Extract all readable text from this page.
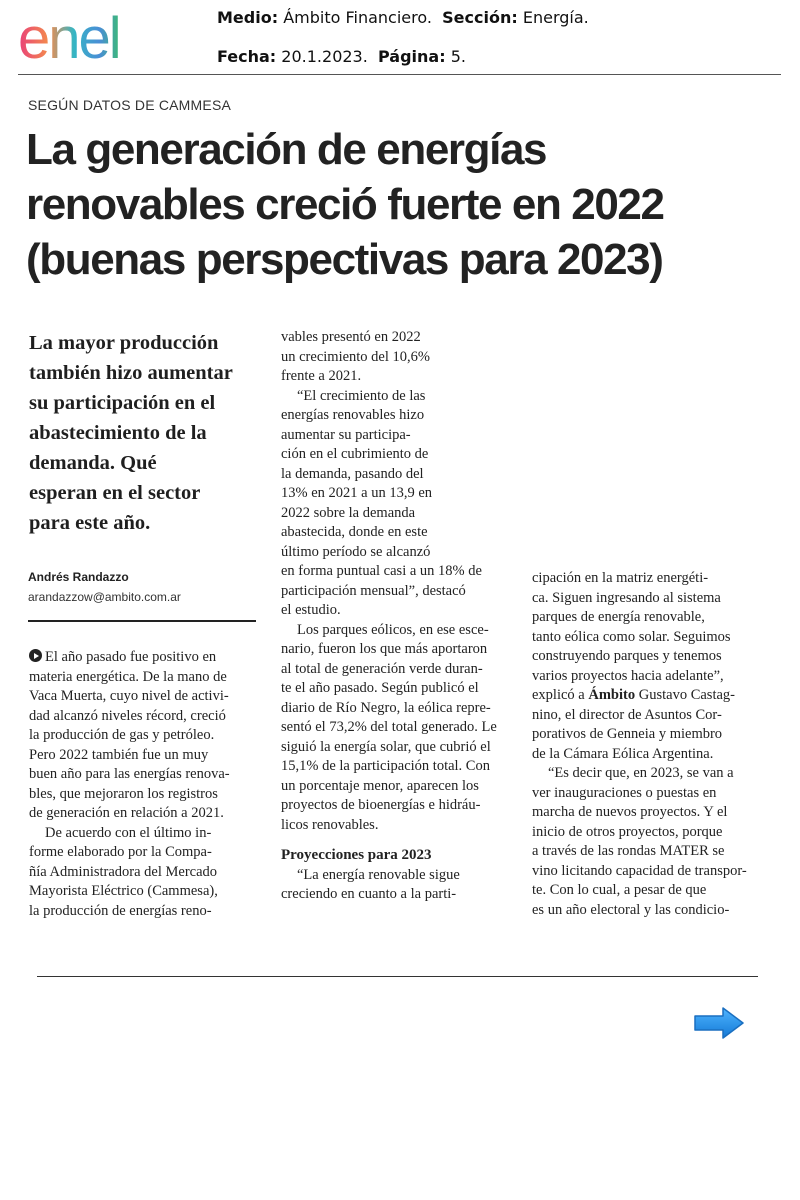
enel	Medio: Ámbito Financiero. Sección: Energía.
Fecha: 20.1.2023. Página: 5.
SEGÚN DATOS DE CAMMESA
La generación de energías
renovables creció fuerte en 2022
(buenas perspectivas para 2023)
La mayor producción
también hizo aumentar
su participación en el
abastecimiento de la
demanda. Qué
esperan en el sector
para este año.
Andrés Randazzo
arandazzow@ambito.com.ar
El año pasado fue positivo en
materia energética. De la mano de
Vaca Muerta, cuyo nivel de activi-
dad alcanzó niveles récord, creció
la producción de gas y petróleo.
Pero 2022 también fue un muy
buen año para las energías renova-
bles, que mejoraron los registros
de generación en relación a 2021.
De acuerdo con el último in-
forme elaborado por la Compa-
ñía Administradora del Mercado
Mayorista Eléctrico (Cammesa),
la producción de energías reno-
vables presentó en 2022
un crecimiento del 10,6%
frente a 2021.
“El crecimiento de las
energías renovables hizo
aumentar su participa-
ción en el cubrimiento de
la demanda, pasando del
13% en 2021 a un 13,9 en
2022 sobre la demanda
abastecida, donde en este
último período se alcanzó
en forma puntual casi a un 18% de
participación mensual”, destacó
el estudio.
Los parques eólicos, en ese esce-
nario, fueron los que más aportaron
al total de generación verde duran-
te el año pasado. Según publicó el
diario de Río Negro, la eólica repre-
sentó el 73,2% del total generado. Le
siguió la energía solar, que cubrió el
15,1% de la participación total. Con
un porcentaje menor, aparecen los
proyectos de bioenergías e hidráu-
licos renovables.
Proyecciones para 2023
“La energía renovable sigue
creciendo en cuanto a la parti-
cipación en la matriz energéti-
ca. Siguen ingresando al sistema
parques de energía renovable,
tanto eólica como solar. Seguimos
construyendo parques y tenemos
varios proyectos hacia adelante”,
explicó a Ámbito Gustavo Castag-
nino, el director de Asuntos Cor-
porativos de Genneia y miembro
de la Cámara Eólica Argentina.
“Es decir que, en 2023, se van a
ver inauguraciones o puestas en
marcha de nuevos proyectos. Y el
inicio de otros proyectos, porque
a través de las rondas MATER se
vino licitando capacidad de transpor-
te. Con lo cual, a pesar de que
es un año electoral y las condicio-
